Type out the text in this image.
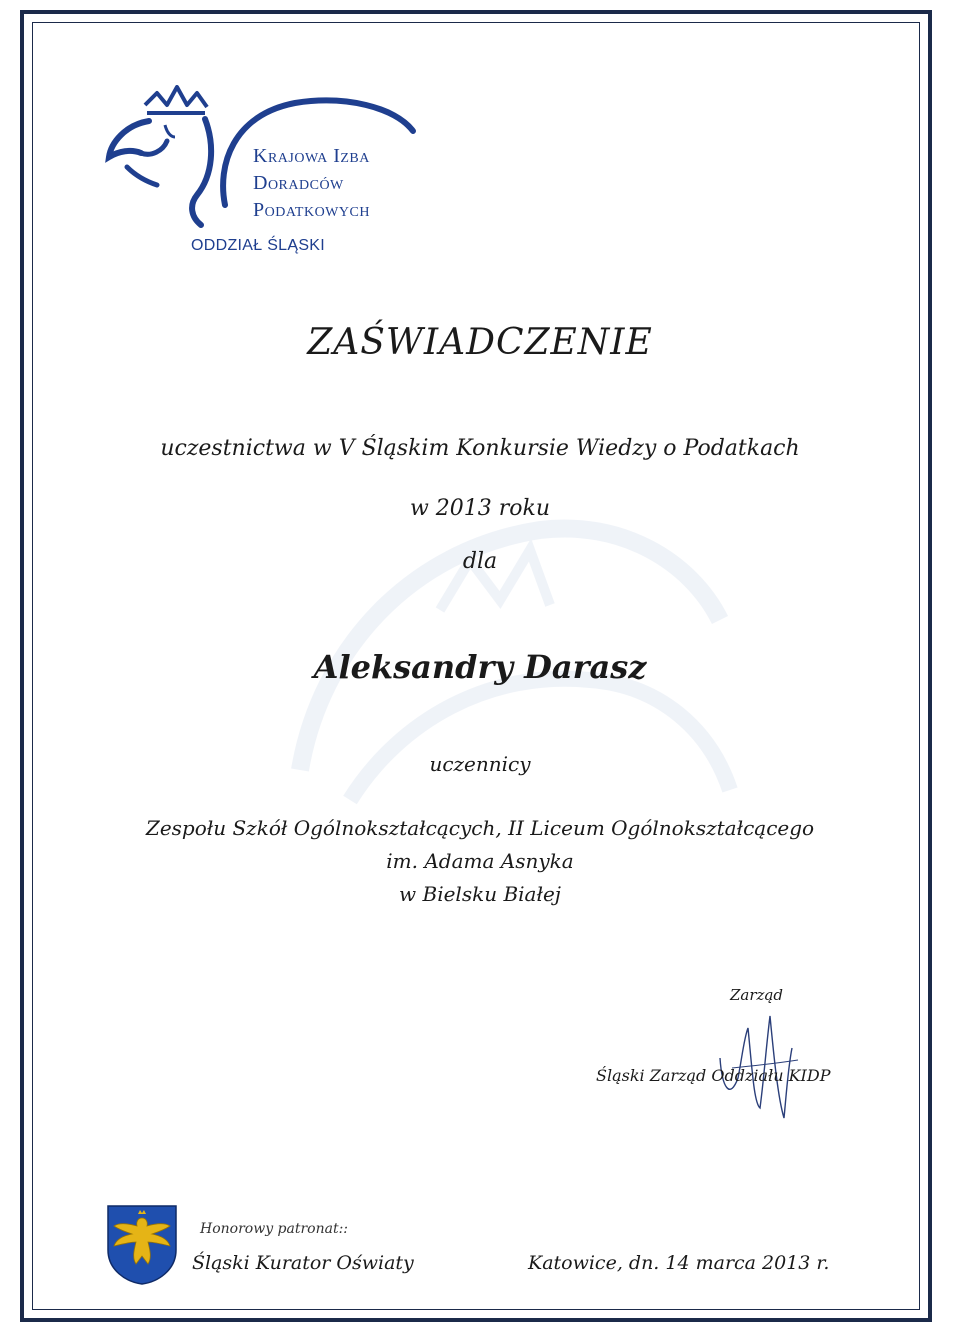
Krajowa Izba
Doradców
Podatkowych
ODDZIAŁ ŚLĄSKI
ZAŚWIADCZENIE
uczestnictwa w V Śląskim Konkursie Wiedzy o Podatkach
w 2013 roku
dla
Aleksandry Darasz
uczennicy
Zespołu Szkół Ogólnokształcących, II Liceum Ogólnokształcącego
im. Adama Asnyka
w Bielsku Białej
Zarząd
Śląski Zarząd Oddziału KIDP
Honorowy patronat::
Śląski Kurator Oświaty	Katowice, dn. 14 marca 2013 r.
